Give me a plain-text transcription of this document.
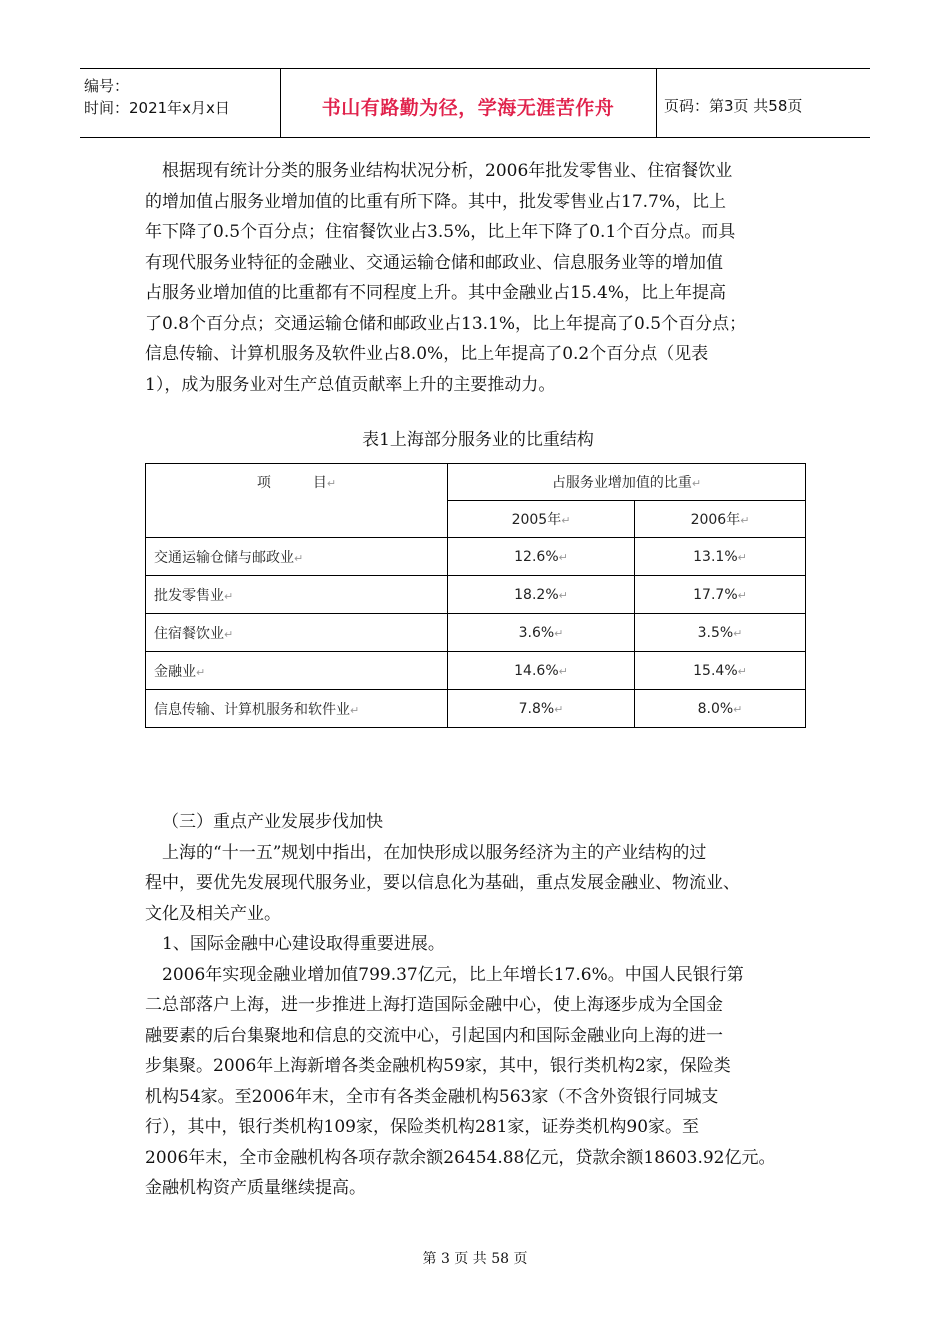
编号：
时间：2021年x月x日	书山有路勤为径，学海无涯苦作舟	页码：第3页 共58页
根据现有统计分类的服务业结构状况分析，2006年批发零售业、住宿餐饮业
的增加值占服务业增加值的比重有所下降。其中，批发零售业占17.7%，比上
年下降了0.5个百分点；住宿餐饮业占3.5%，比上年下降了0.1个百分点。而具
有现代服务业特征的金融业、交通运输仓储和邮政业、信息服务业等的增加值
占服务业增加值的比重都有不同程度上升。其中金融业占15.4%，比上年提高
了0.8个百分点；交通运输仓储和邮政业占13.1%，比上年提高了0.5个百分点；
信息传输、计算机服务及软件业占8.0%，比上年提高了0.2个百分点（见表
1），成为服务业对生产总值贡献率上升的主要推动力。
表1上海部分服务业的比重结构
项　　　目↵	占服务业增加值的比重↵	
	2005年↵	2006年↵
交通运输仓储与邮政业↵	12.6%↵	13.1%↵
批发零售业↵	18.2%↵	17.7%↵
住宿餐饮业↵	3.6%↵	3.5%↵
金融业↵	14.6%↵	15.4%↵
信息传输、计算机服务和软件业↵	7.8%↵	8.0%↵
（三）重点产业发展步伐加快
上海的“十一五”规划中指出，在加快形成以服务经济为主的产业结构的过
程中，要优先发展现代服务业，要以信息化为基础，重点发展金融业、物流业、
文化及相关产业。
1、国际金融中心建设取得重要进展。
2006年实现金融业增加值799.37亿元，比上年增长17.6%。中国人民银行第
二总部落户上海，进一步推进上海打造国际金融中心，使上海逐步成为全国金
融要素的后台集聚地和信息的交流中心，引起国内和国际金融业向上海的进一
步集聚。2006年上海新增各类金融机构59家，其中，银行类机构2家，保险类
机构54家。至2006年末，全市有各类金融机构563家（不含外资银行同城支
行），其中，银行类机构109家，保险类机构281家，证券类机构90家。至
2006年末，全市金融机构各项存款余额26454.88亿元，贷款余额18603.92亿元。
金融机构资产质量继续提高。
第 3 页 共 58 页
